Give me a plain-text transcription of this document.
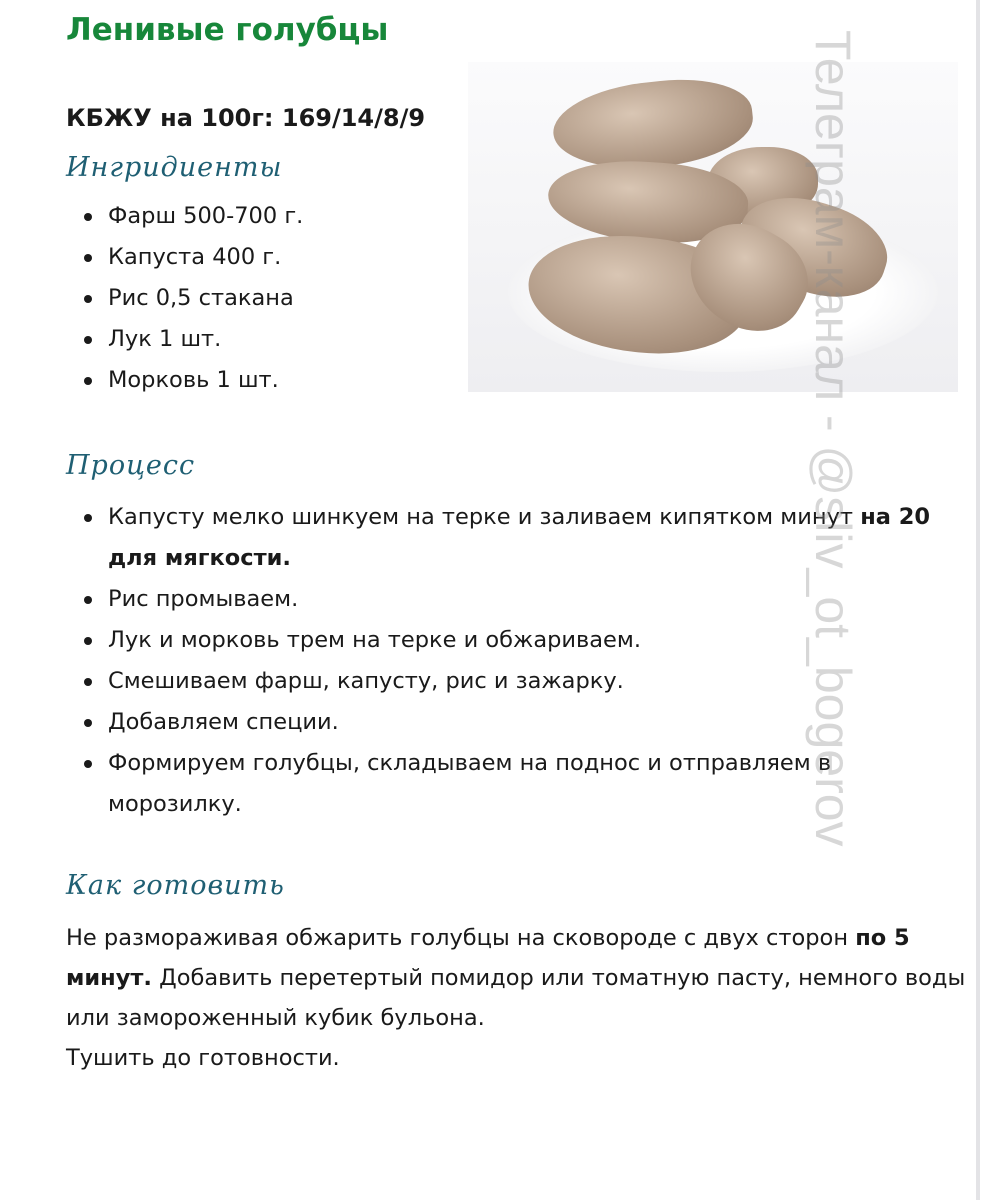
Ленивые голубцы

КБЖУ на 100г: 169/14/8/9

Ингридиенты

Фарш 500-700 г.
Капуста 400 г.
Рис 0,5 стакана
Лук 1 шт.
Морковь 1 шт.

Процесс

Капусту мелко шинкуем на терке и заливаем кипятком минут на 20 для мягкости.
Рис промываем.
Лук и морковь трем на терке и обжариваем.
Смешиваем фарш, капусту, рис и зажарку.
Добавляем специи.
Формируем голубцы, складываем на поднос и отправляем в морозилку.

Как готовить

Не размораживая обжарить голубцы на сковороде с двух сторон по 5 минут. Добавить перетертый помидор или томатную пасту, немного воды или замороженный кубик бульона.
Тушить до готовности.

Телеграм-канал - @sliv_ot_bogerov
